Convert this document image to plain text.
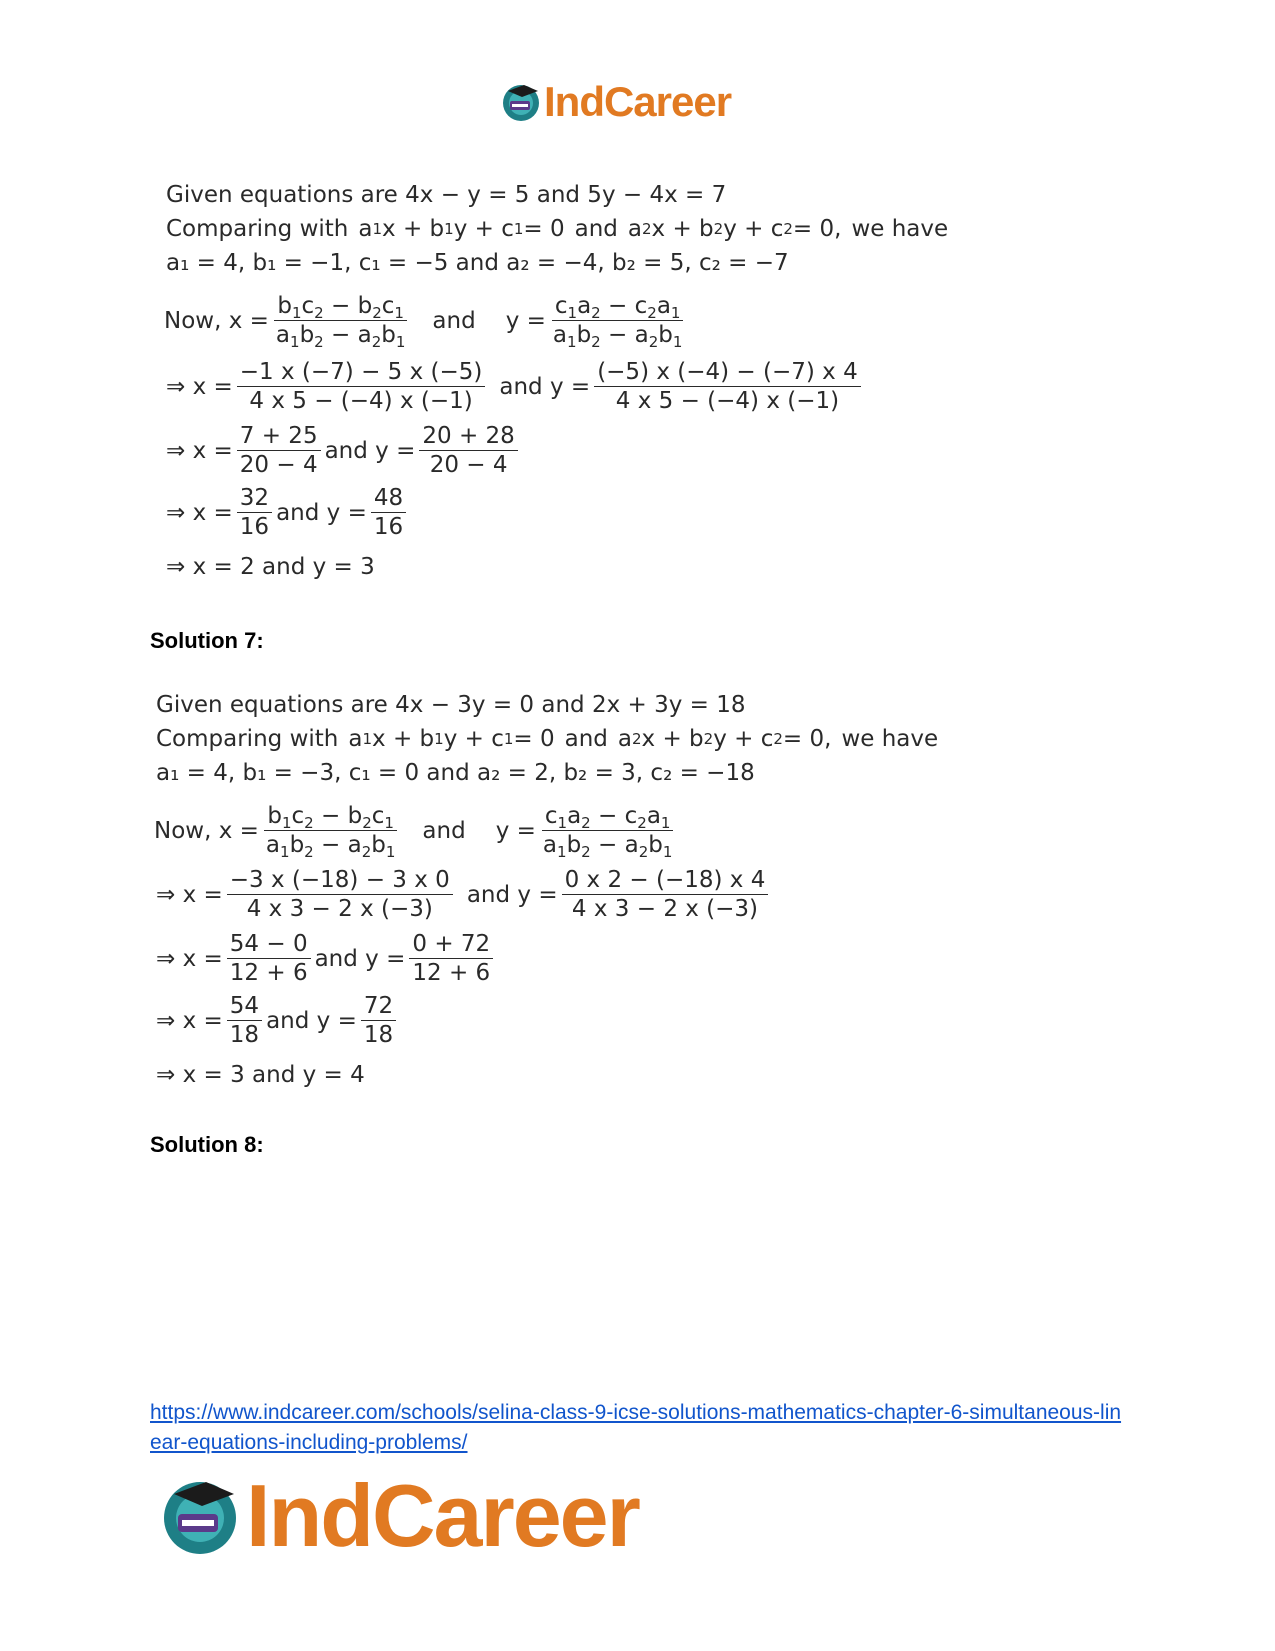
IndCareer
Given equations are 4x − y = 5 and 5y − 4x = 7
Comparing with a 1 x + b 1 y + c 1 = 0 and a 2 x + b 2 y + c 2 = 0, we have
a₁ = 4, b₁ = −1, c₁ = −5 and a₂ = −4, b₂ = 5, c₂ = −7
Now, $x = \frac{b_1c_2 - b_2c_1}{a_1b_2 - a_2b_1}$ and $y = \frac{c_1a_2 - c_2a_1}{a_1b_2 - a_2b_1}$
⇒ $x = \frac{-1 x (-7) - 5 x (-5)}{4 x 5 - (-4) x (-1)}$ and $y = \frac{(-5) x (-4) - (-7) x 4}{4 x 5 - (-4) x (-1)}$
⇒ $x = \frac{7 + 25}{20 - 4}$ and $y = \frac{20 + 28}{20 - 4}$
⇒ $x = \frac{32}{16}$ and $y = \frac{48}{16}$
⇒ x = 2 and y = 3
Solution 7:
Given equations are 4x − 3y = 0 and 2x + 3y = 18
Comparing with a 1 x + b 1 y + c 1 = 0 and a 2 x + b 2 y + c 2 = 0, we have
a₁ = 4, b₁ = −3, c₁ = 0 and a₂ = 2, b₂ = 3, c₂ = −18
Now, $x = \frac{b_1c_2 - b_2c_1}{a_1b_2 - a_2b_1}$ and $y = \frac{c_1a_2 - c_2a_1}{a_1b_2 - a_2b_1}$
⇒ $x = \frac{-3 x (-18) - 3 x 0}{4 x 3 - 2 x (-3)}$ and $y = \frac{0 x 2 - (-18) x 4}{4 x 3 - 2 x (-3)}$
⇒ $x = \frac{54 - 0}{12 + 6}$ and $y = \frac{0 + 72}{12 + 6}$
⇒ $x = \frac{54}{18}$ and $y = \frac{72}{18}$
⇒ x = 3 and y = 4
Solution 8:
https://www.indcareer.com/schools/selina-class-9-icse-solutions-mathematics-chapter-6-simultaneous-linear-equations-including-problems/
IndCareer
